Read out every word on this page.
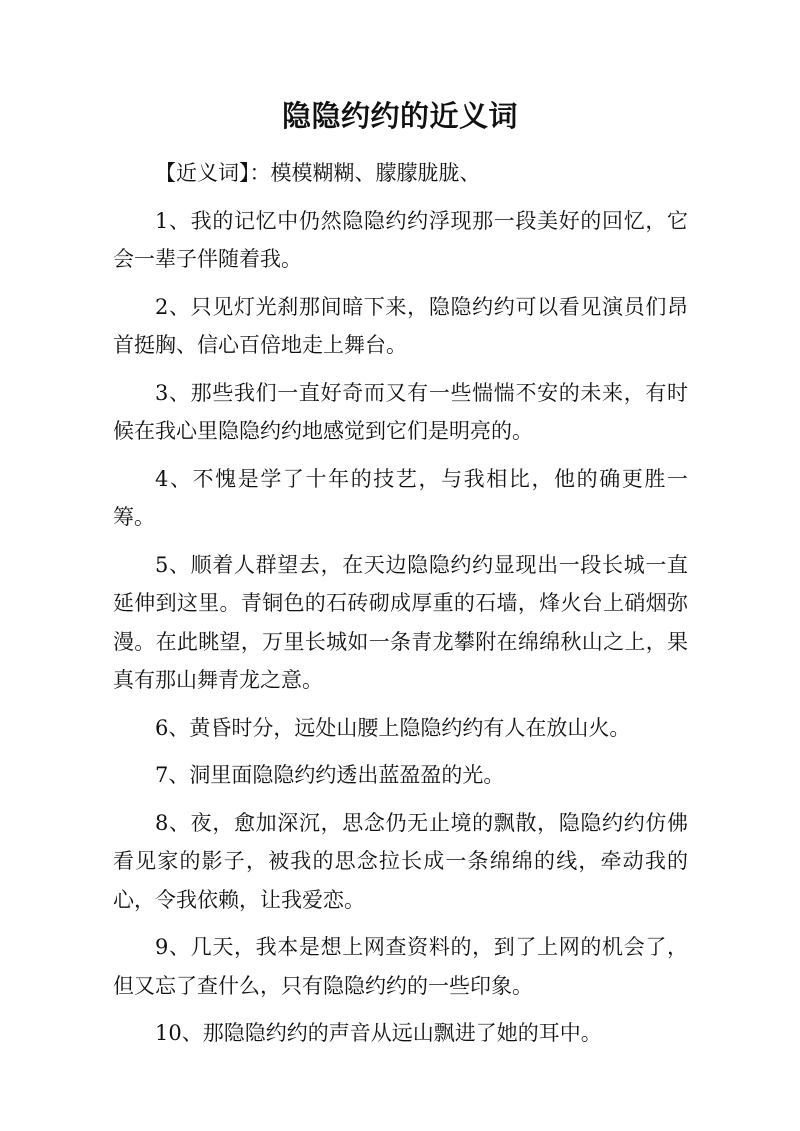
隐隐约约的近义词

【近义词】：模模糊糊、朦朦胧胧、

1、我的记忆中仍然隐隐约约浮现那一段美好的回忆，它会一辈子伴随着我。

2、只见灯光刹那间暗下来，隐隐约约可以看见演员们昂首挺胸、信心百倍地走上舞台。

3、那些我们一直好奇而又有一些惴惴不安的未来，有时候在我心里隐隐约约地感觉到它们是明亮的。

4、不愧是学了十年的技艺，与我相比，他的确更胜一筹。

5、顺着人群望去，在天边隐隐约约显现出一段长城一直延伸到这里。青铜色的石砖砌成厚重的石墙，烽火台上硝烟弥漫。在此眺望，万里长城如一条青龙攀附在绵绵秋山之上，果真有那山舞青龙之意。

6、黄昏时分，远处山腰上隐隐约约有人在放山火。

7、洞里面隐隐约约透出蓝盈盈的光。

8、夜，愈加深沉，思念仍无止境的飘散，隐隐约约仿佛看见家的影子，被我的思念拉长成一条绵绵的线，牵动我的心，令我依赖，让我爱恋。

9、几天，我本是想上网查资料的，到了上网的机会了，但又忘了查什么，只有隐隐约约的一些印象。

10、那隐隐约约的声音从远山飘进了她的耳中。
